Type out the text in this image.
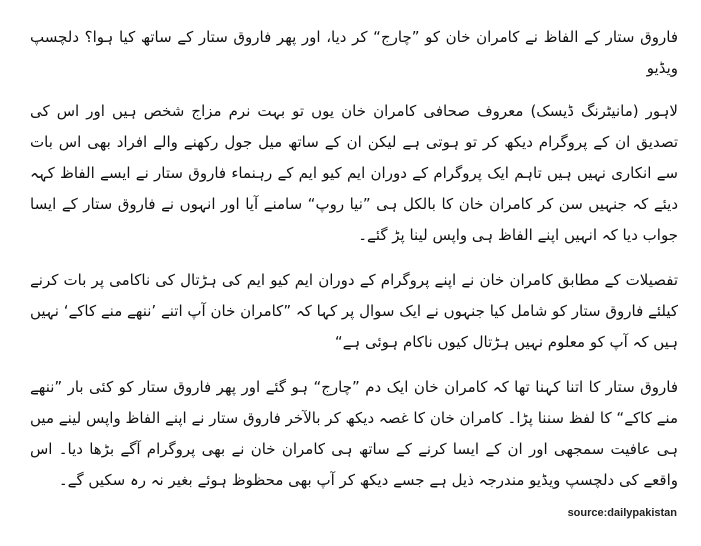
فاروق ستار کے الفاظ نے کامران خان کو ”چارج“ کر دیا، اور پھر فاروق ستار کے ساتھ کیا ہوا؟ دلچسپ ویڈیو

لاہور (مانیٹرنگ ڈیسک) معروف صحافی کامران خان یوں تو بہت نرم مزاج شخص ہیں اور اس کی تصدیق ان کے پروگرام دیکھ کر تو ہوتی ہے لیکن ان کے ساتھ میل جول رکھنے والے افراد بھی اس بات سے انکاری نہیں ہیں تاہم ایک پروگرام کے دوران ایم کیو ایم کے رہنماء فاروق ستار نے ایسے الفاظ کہہ دیئے کہ جنہیں سن کر کامران خان کا بالکل ہی ”نیا روپ“ سامنے آیا اور انہوں نے فاروق ستار کے ایسا جواب دیا کہ انہیں اپنے الفاظ ہی واپس لینا پڑ گئے۔

تفصیلات کے مطابق کامران خان نے اپنے پروگرام کے دوران ایم کیو ایم کی ہڑتال کی ناکامی پر بات کرنے کیلئے فاروق ستار کو شامل کیا جنہوں نے ایک سوال پر کہا کہ ”کامران خان آپ اتنے ’ننھے منے کاکے‘ نہیں ہیں کہ آپ کو معلوم نہیں ہڑتال کیوں ناکام ہوئی ہے“

فاروق ستار کا اتنا کہنا تھا کہ کامران خان ایک دم ”چارج“ ہو گئے اور پھر فاروق ستار کو کئی بار ”ننھے منے کاکے“ کا لفظ سننا پڑا۔ کامران خان کا غصہ دیکھ کر بالآخر فاروق ستار نے اپنے الفاظ واپس لینے میں ہی عافیت سمجھی اور ان کے ایسا کرنے کے ساتھ ہی کامران خان نے بھی پروگرام آگے بڑھا دیا۔ اس واقعے کی دلچسپ ویڈیو مندرجہ ذیل ہے جسے دیکھ کر آپ بھی محظوظ ہوئے بغیر نہ رہ سکیں گے۔

source:dailypakistan
